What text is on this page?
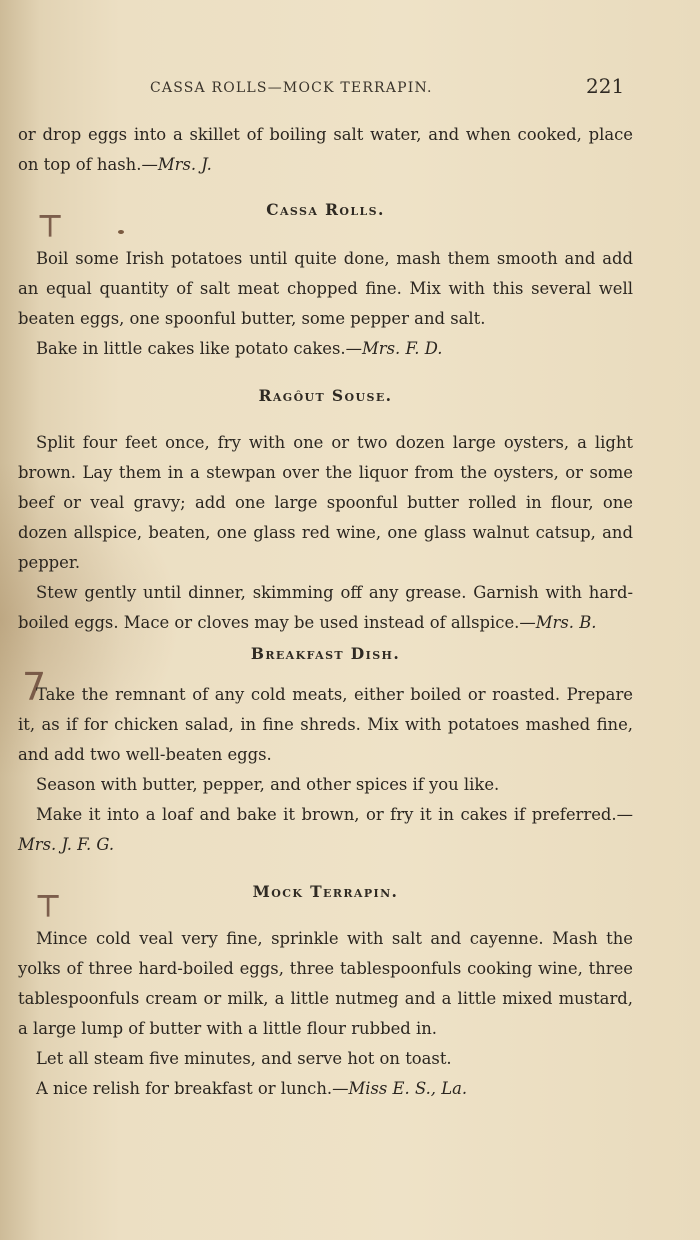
CASSA ROLLS—MOCK TERRAPIN.	221
┬
7
┬

or drop eggs into a skillet of boiling salt water, and when cooked, place on top of hash.—Mrs. J.

Cassa Rolls.

Boil some Irish potatoes until quite done, mash them smooth and add an equal quantity of salt meat chopped fine. Mix with this several well beaten eggs, one spoonful butter, some pepper and salt.

Bake in little cakes like potato cakes.—Mrs. F. D.

Ragôut Souse.

Split four feet once, fry with one or two dozen large oysters, a light brown. Lay them in a stewpan over the liquor from the oysters, or some beef or veal gravy; add one large spoonful butter rolled in flour, one dozen allspice, beaten, one glass red wine, one glass walnut catsup, and pepper.

Stew gently until dinner, skimming off any grease. Garnish with hard-boiled eggs. Mace or cloves may be used instead of allspice.—Mrs. B.

Breakfast Dish.

Take the remnant of any cold meats, either boiled or roasted. Prepare it, as if for chicken salad, in fine shreds. Mix with potatoes mashed fine, and add two well-beaten eggs.

Season with butter, pepper, and other spices if you like.

Make it into a loaf and bake it brown, or fry it in cakes if preferred.—Mrs. J. F. G.

Mock Terrapin.

Mince cold veal very fine, sprinkle with salt and cayenne. Mash the yolks of three hard-boiled eggs, three tablespoonfuls cooking wine, three tablespoonfuls cream or milk, a little nutmeg and a little mixed mustard, a large lump of butter with a little flour rubbed in.

Let all steam five minutes, and serve hot on toast.

A nice relish for breakfast or lunch.—Miss E. S., La.
